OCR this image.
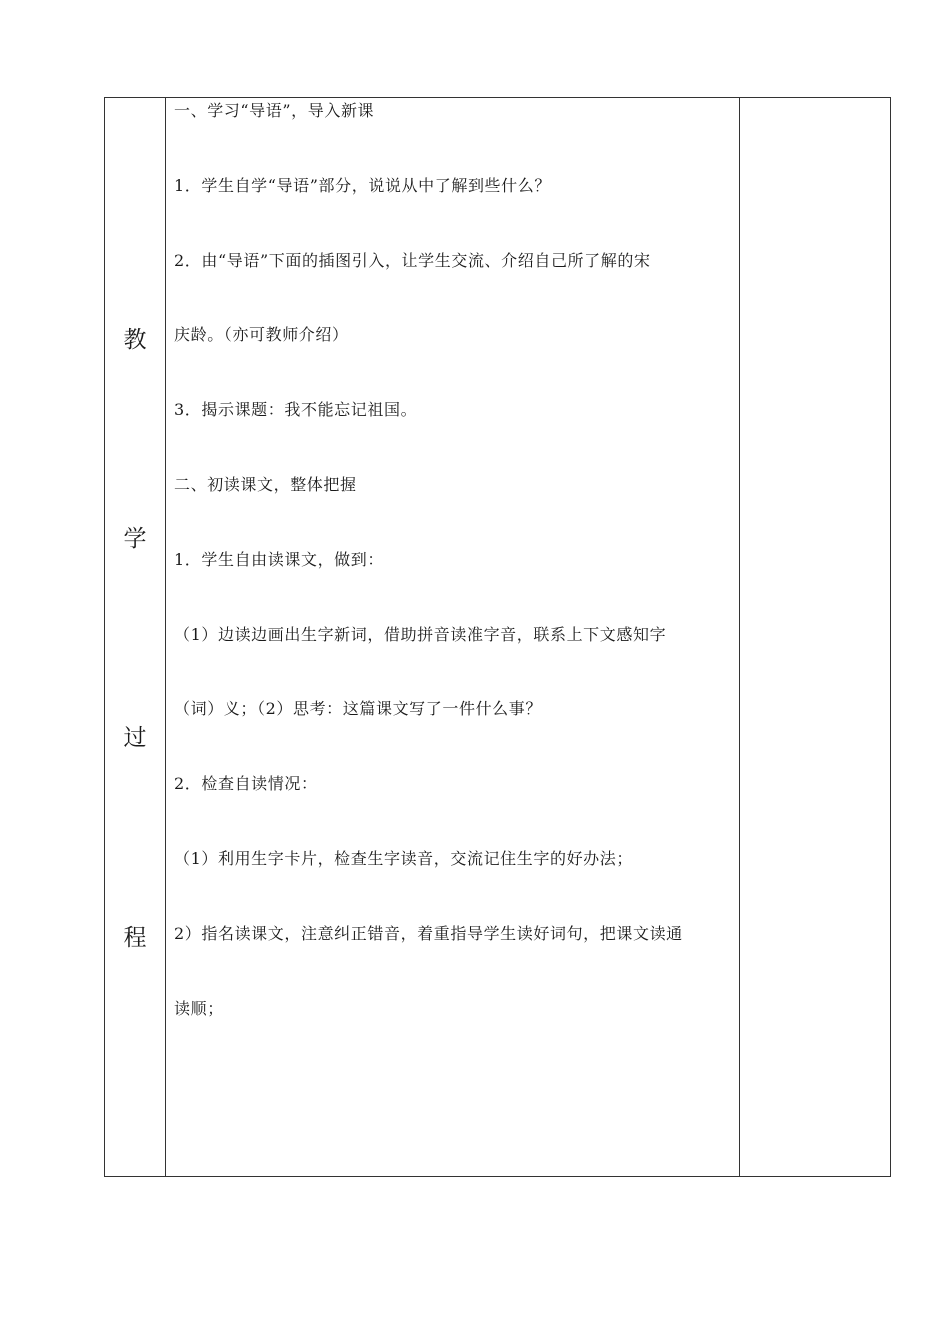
教
学
过
程
一、学习“导语”，导入新课
1．学生自学“导语”部分，说说从中了解到些什么？
2．由“导语”下面的插图引入，让学生交流、介绍自己所了解的宋
庆龄。（亦可教师介绍）
3．揭示课题：我不能忘记祖国。
二、初读课文，整体把握
1．学生自由读课文，做到：
（1）边读边画出生字新词，借助拼音读准字音，联系上下文感知字
（词）义；（2）思考：这篇课文写了一件什么事？
2．检查自读情况：
（1）利用生字卡片，检查生字读音，交流记住生字的好办法；
2）指名读课文，注意纠正错音，着重指导学生读好词句，把课文读通
读顺；
